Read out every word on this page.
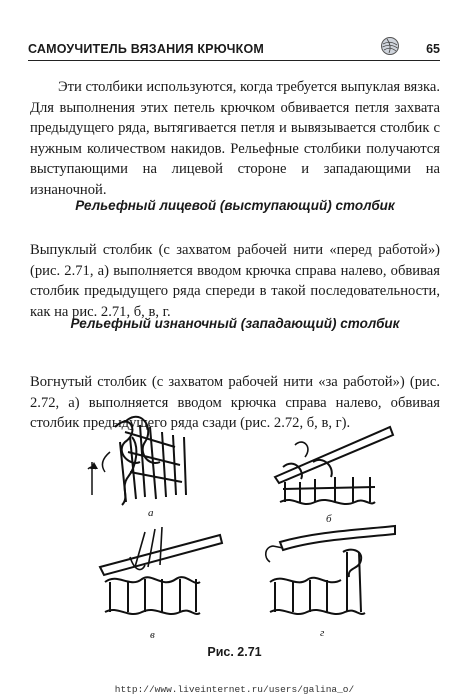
САМОУЧИТЕЛЬ ВЯЗАНИЯ КРЮЧКОМ	65

Эти столбики используются, когда требуется выпуклая вязка. Для выполнения этих петель крючком обвивается петля захвата предыдущего ряда, вытягивается петля и вывязывается столбик с нужным количеством накидов. Рельефные столбики получаются выступающими на лицевой стороне и западающими на изнаночной.

Рельефный лицевой (выступающий) столбик

Выпуклый столбик (с захватом рабочей нити «перед работой») (рис. 2.71, а) выполняется вводом крючка справа налево, обвивая столбик предыдущего ряда спереди в такой последовательности, как на рис. 2.71, б, в, г.

Рельефный изнаночный (западающий) столбик

Вогнутый столбик (с захватом рабочей нити «за работой») (рис. 2.72, а) выполняется вводом крючка справа налево, обвивая столбик предыдущего ряда сзади (рис. 2.72, б, в, г).

а	б
в	г
Рис. 2.71
http://www.liveinternet.ru/users/galina_o/
